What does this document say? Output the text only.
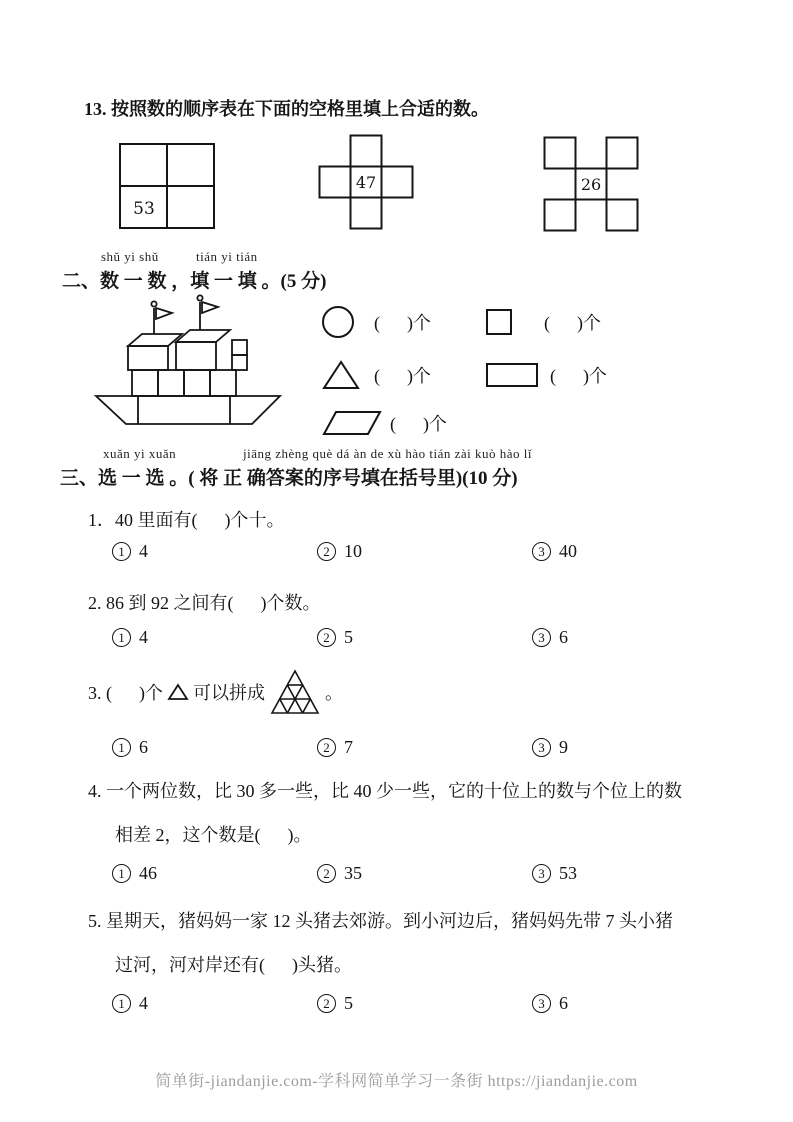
13. 按照数的顺序表在下面的空格里填上合适的数。
53
47	26
shǔ yi shǔ	tián yi tián
二、数 一 数 ，填 一 填 。(5 分)
(      )个	(      )个
(      )个	(      )个
(      )个
xuǎn yi xuǎn	jiāng zhèng què dá àn de xù hào tián zài kuò hào lǐ
三、选 一 选 。( 将 正 确答案的序号填在括号里)(10 分)
1．40 里面有(      )个十。
1 4	2 10	3 40
2. 86 到 92 之间有(      )个数。
1 4	2 5	3 6
3. (      )个 可以拼成	。
1 6	2 7	3 9
4. 一个两位数，比 30 多一些，比 40 少一些，它的十位上的数与个位上的数
相差 2，这个数是(      )。
1 46	2 35	3 53
5. 星期天，猪妈妈一家 12 头猪去郊游。到小河边后，猪妈妈先带 7 头小猪
过河，河对岸还有(      )头猪。
1 4	2 5	3 6
简单街-jiandanjie.com-学科网简单学习一条街 https://jiandanjie.com
